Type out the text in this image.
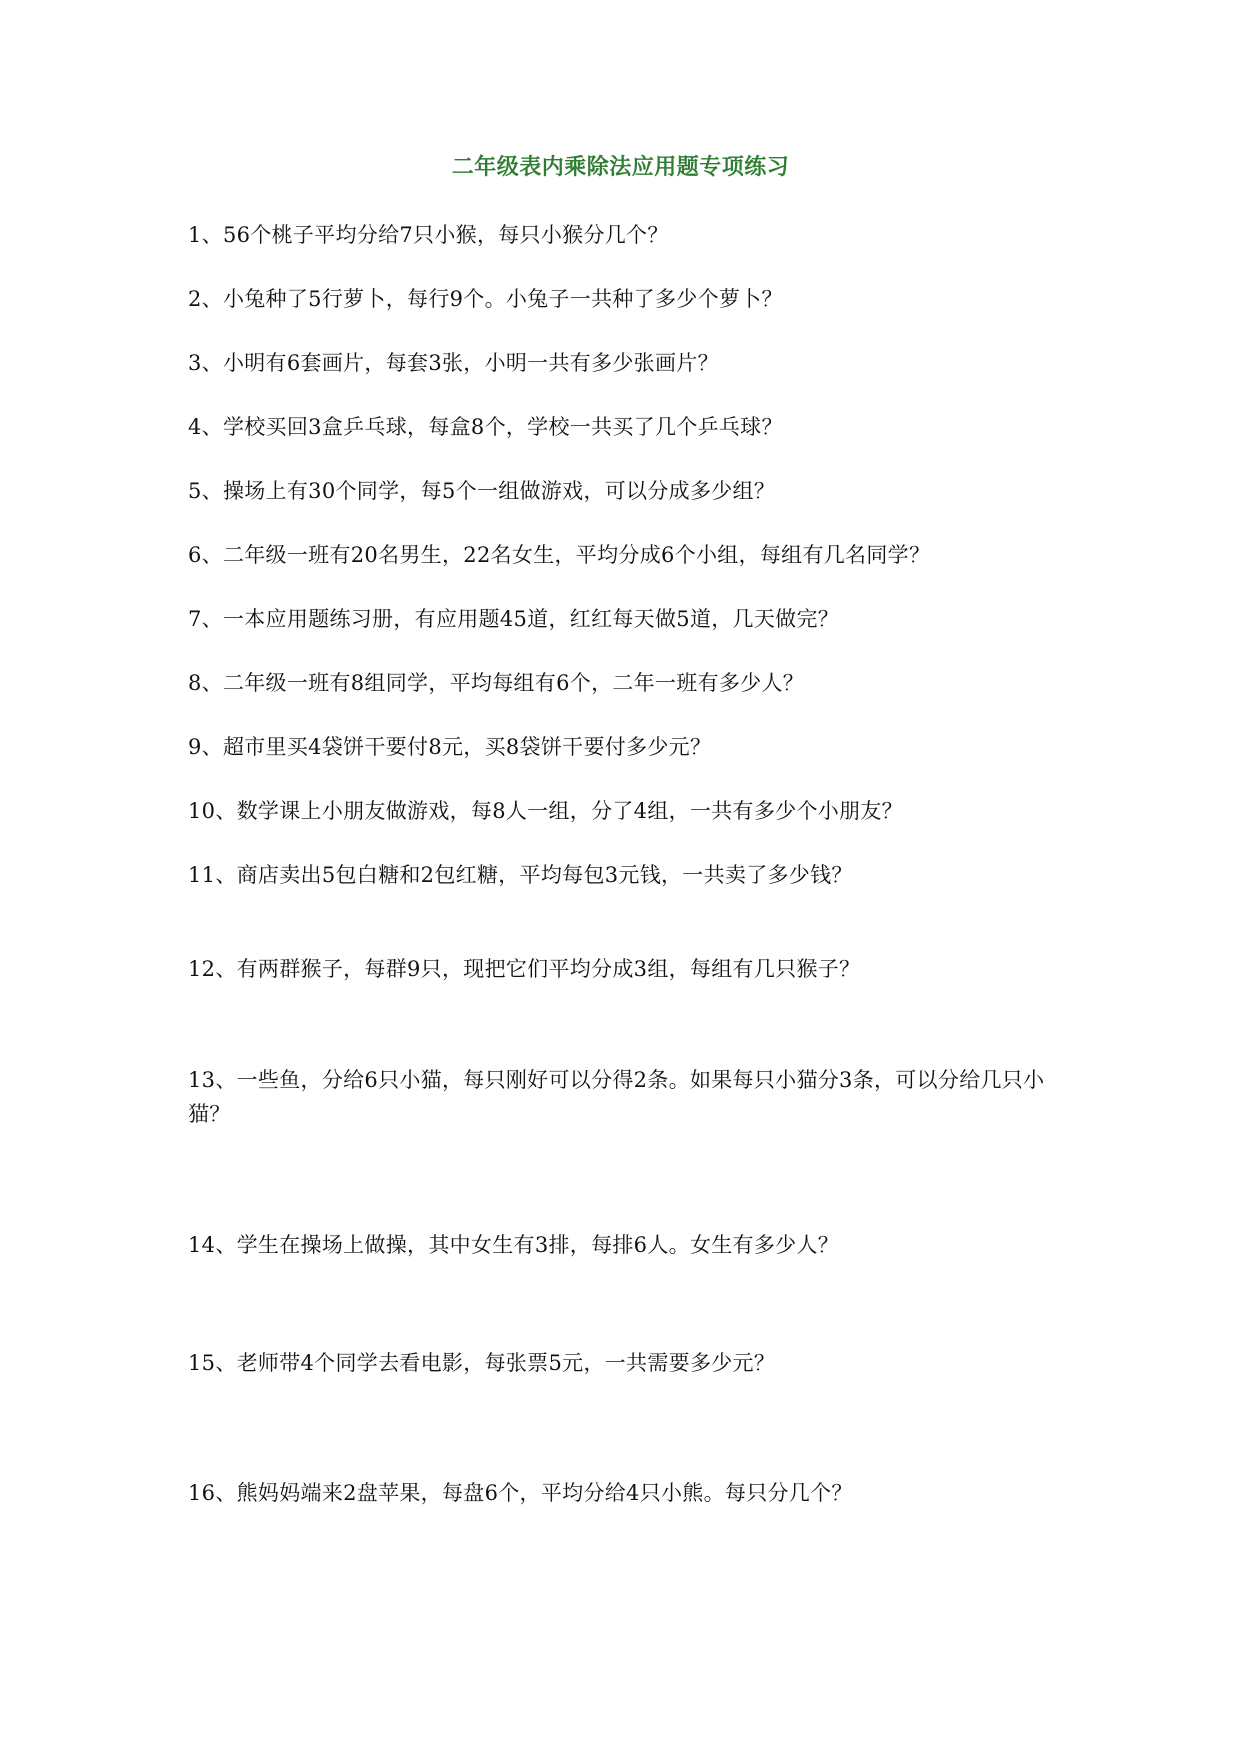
二年级表内乘除法应用题专项练习
1、56个桃子平均分给7只小猴，每只小猴分几个？
2、小兔种了5行萝卜，每行9个。小兔子一共种了多少个萝卜？
3、小明有6套画片，每套3张，小明一共有多少张画片？
4、学校买回3盒乒乓球，每盒8个，学校一共买了几个乒乓球？
5、操场上有30个同学，每5个一组做游戏，可以分成多少组？
6、二年级一班有20名男生，22名女生，平均分成6个小组，每组有几名同学？
7、一本应用题练习册，有应用题45道，红红每天做5道，几天做完？
8、二年级一班有8组同学，平均每组有6个，二年一班有多少人？
9、超市里买4袋饼干要付8元，买8袋饼干要付多少元？
10、数学课上小朋友做游戏，每8人一组，分了4组，一共有多少个小朋友？
11、商店卖出5包白糖和2包红糖，平均每包3元钱，一共卖了多少钱？
12、有两群猴子，每群9只，现把它们平均分成3组，每组有几只猴子？
13、一些鱼，分给6只小猫，每只刚好可以分得2条。如果每只小猫分3条，可以分给几只小猫？
14、学生在操场上做操，其中女生有3排，每排6人。女生有多少人？
15、老师带4个同学去看电影，每张票5元，一共需要多少元？
16、熊妈妈端来2盘苹果，每盘6个，平均分给4只小熊。每只分几个？
